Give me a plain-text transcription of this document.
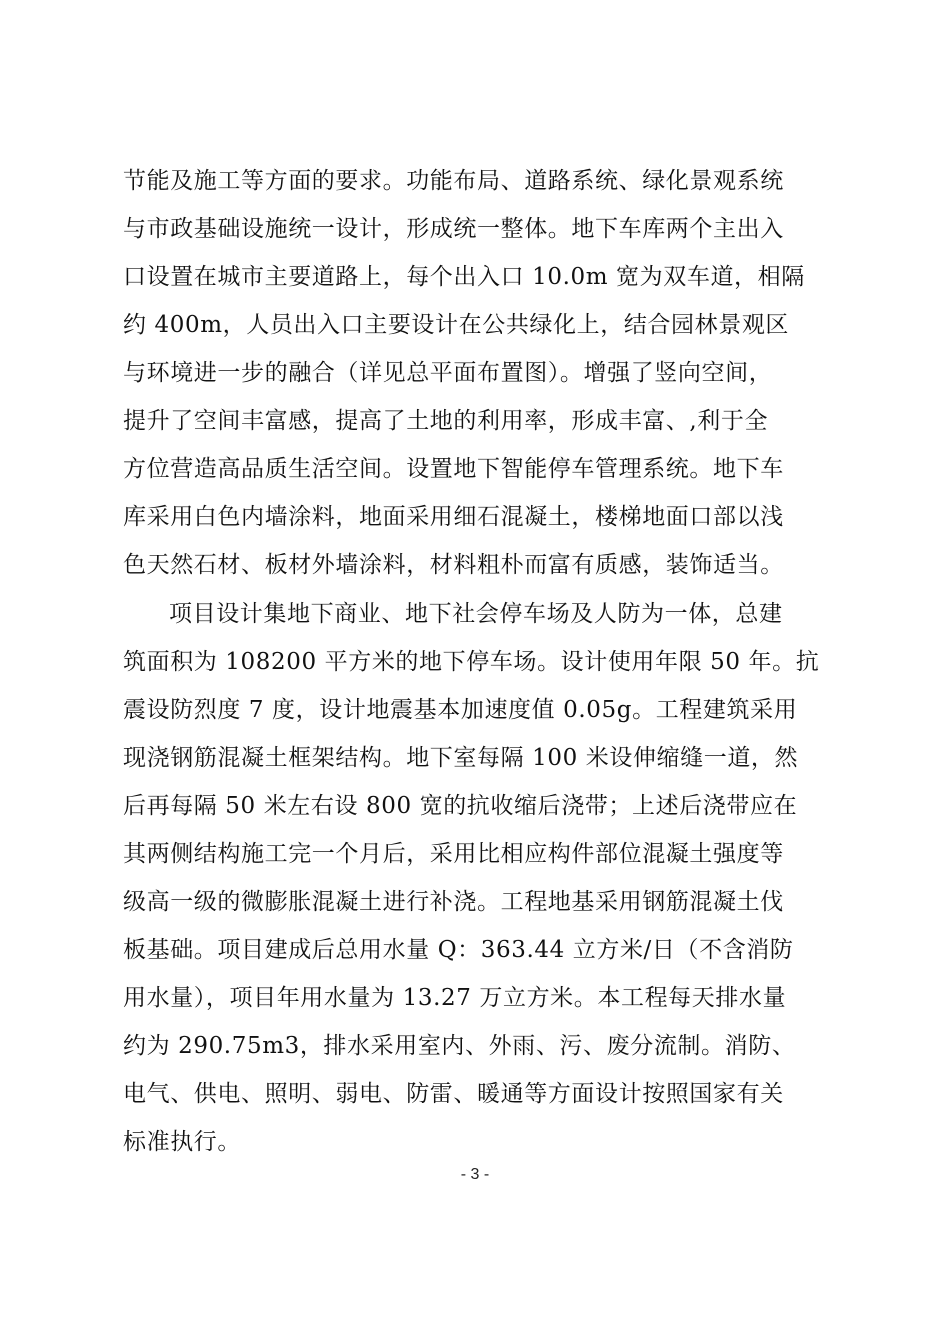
节能及施工等方面的要求。功能布局、道路系统、绿化景观系统
与市政基础设施统一设计，形成统一整体。地下车库两个主出入
口设置在城市主要道路上，每个出入口 10.0m 宽为双车道，相隔
约 400m，人员出入口主要设计在公共绿化上，结合园林景观区
与环境进一步的融合（详见总平面布置图）。增强了竖向空间，
提升了空间丰富感，提高了土地的利用率，形成丰富、,利于全
方位营造高品质生活空间。设置地下智能停车管理系统。地下车
库采用白色内墙涂料，地面采用细石混凝土，楼梯地面口部以浅
色天然石材、板材外墙涂料，材料粗朴而富有质感，装饰适当。
项目设计集地下商业、地下社会停车场及人防为一体，总建
筑面积为 108200 平方米的地下停车场。设计使用年限 50 年。抗
震设防烈度 7 度，设计地震基本加速度值 0.05g。工程建筑采用
现浇钢筋混凝土框架结构。地下室每隔 100 米设伸缩缝一道，然
后再每隔 50 米左右设 800 宽的抗收缩后浇带；上述后浇带应在
其两侧结构施工完一个月后，采用比相应构件部位混凝土强度等
级高一级的微膨胀混凝土进行补浇。工程地基采用钢筋混凝土伐
板基础。项目建成后总用水量 Q：363.44 立方米/日（不含消防
用水量），项目年用水量为 13.27 万立方米。本工程每天排水量
约为 290.75m3，排水采用室内、外雨、污、废分流制。消防、
电气、供电、照明、弱电、防雷、暖通等方面设计按照国家有关
标准执行。
- 3 -
